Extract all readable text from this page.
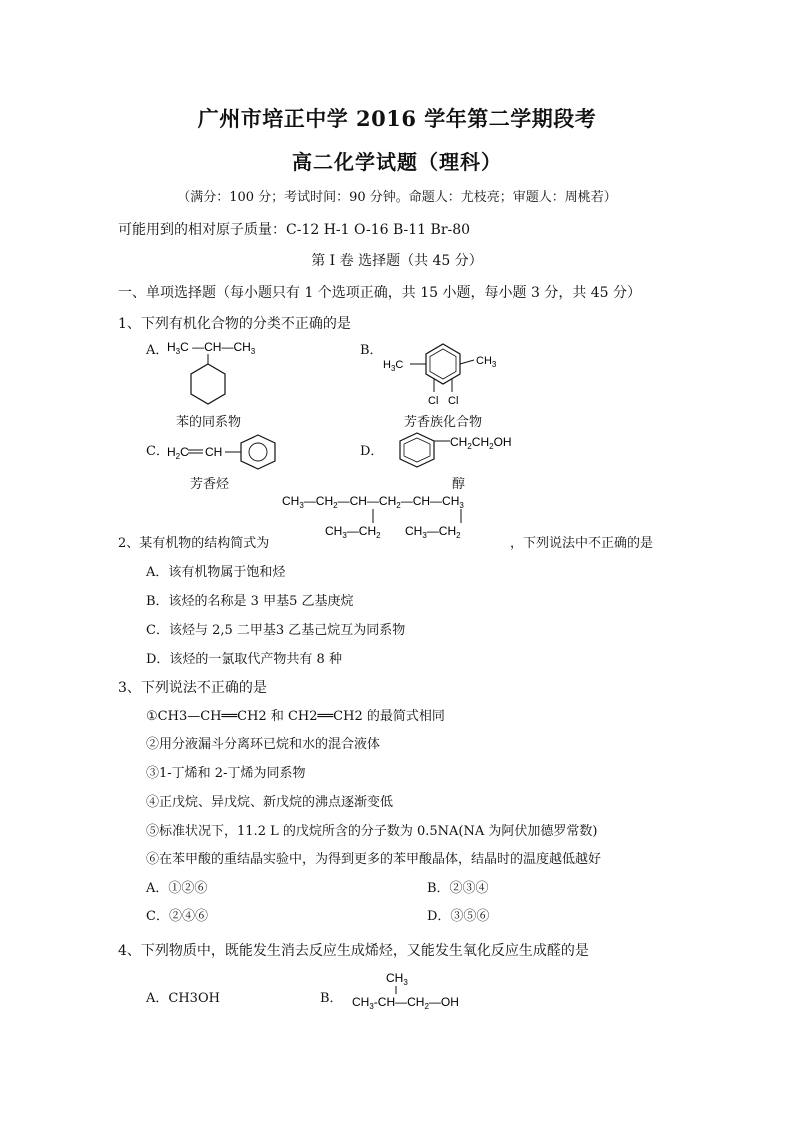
广州市培正中学 2016 学年第二学期段考
高二化学试题（理科）
（满分：100 分；考试时间：90 分钟。命题人：尤枝亮；审题人：周桃若）
可能用到的相对原子质量：C-12 H-1 O-16 B-11 Br-80
第 I 卷 选择题（共 45 分）
一、单项选择题（每小题只有 1 个选项正确，共 15 小题，每小题 3 分，共 45 分）
1、下列有机化合物的分类不正确的是
A．
$H_3C$ $—CH—CH_3$
苯的同系物
B．
$H_3C$	$CH_3$
Cl Cl
芳香族化合物
C．
$H_2C$ CH
芳香烃
D．
$CH_2CH_2OH$
醇
$CH_3—CH_2—CH—CH_2—CH—CH_3$
$CH_3—CH_2$ $CH_3—CH_2$
2、某有机物的结构简式为	，下列说法中不正确的是
A．该有机物属于饱和烃
B．该烃的名称是 3 甲基5 乙基庚烷
C．该烃与 2,5 二甲基3 乙基己烷互为同系物
D．该烃的一氯取代产物共有 8 种
3、下列说法不正确的是
①CH3—CH══CH2 和 CH2══CH2 的最简式相同
②用分液漏斗分离环已烷和水的混合液体
③1-丁烯和 2-丁烯为同系物
④正戊烷、异戊烷、新戊烷的沸点逐渐变低
⑤标准状况下，11.2 L 的戊烷所含的分子数为 0.5NA(NA 为阿伏加德罗常数)
⑥在苯甲酸的重结晶实验中，为得到更多的苯甲酸晶体，结晶时的温度越低越好
A．①②⑥	B．②③④
C．②④⑥	D．③⑤⑥
4、下列物质中，既能发生消去反应生成烯烃，又能发生氧化反应生成醛的是
A．CH3OH	B．
$CH_3$
$CH_3-CH—CH_2—OH$
